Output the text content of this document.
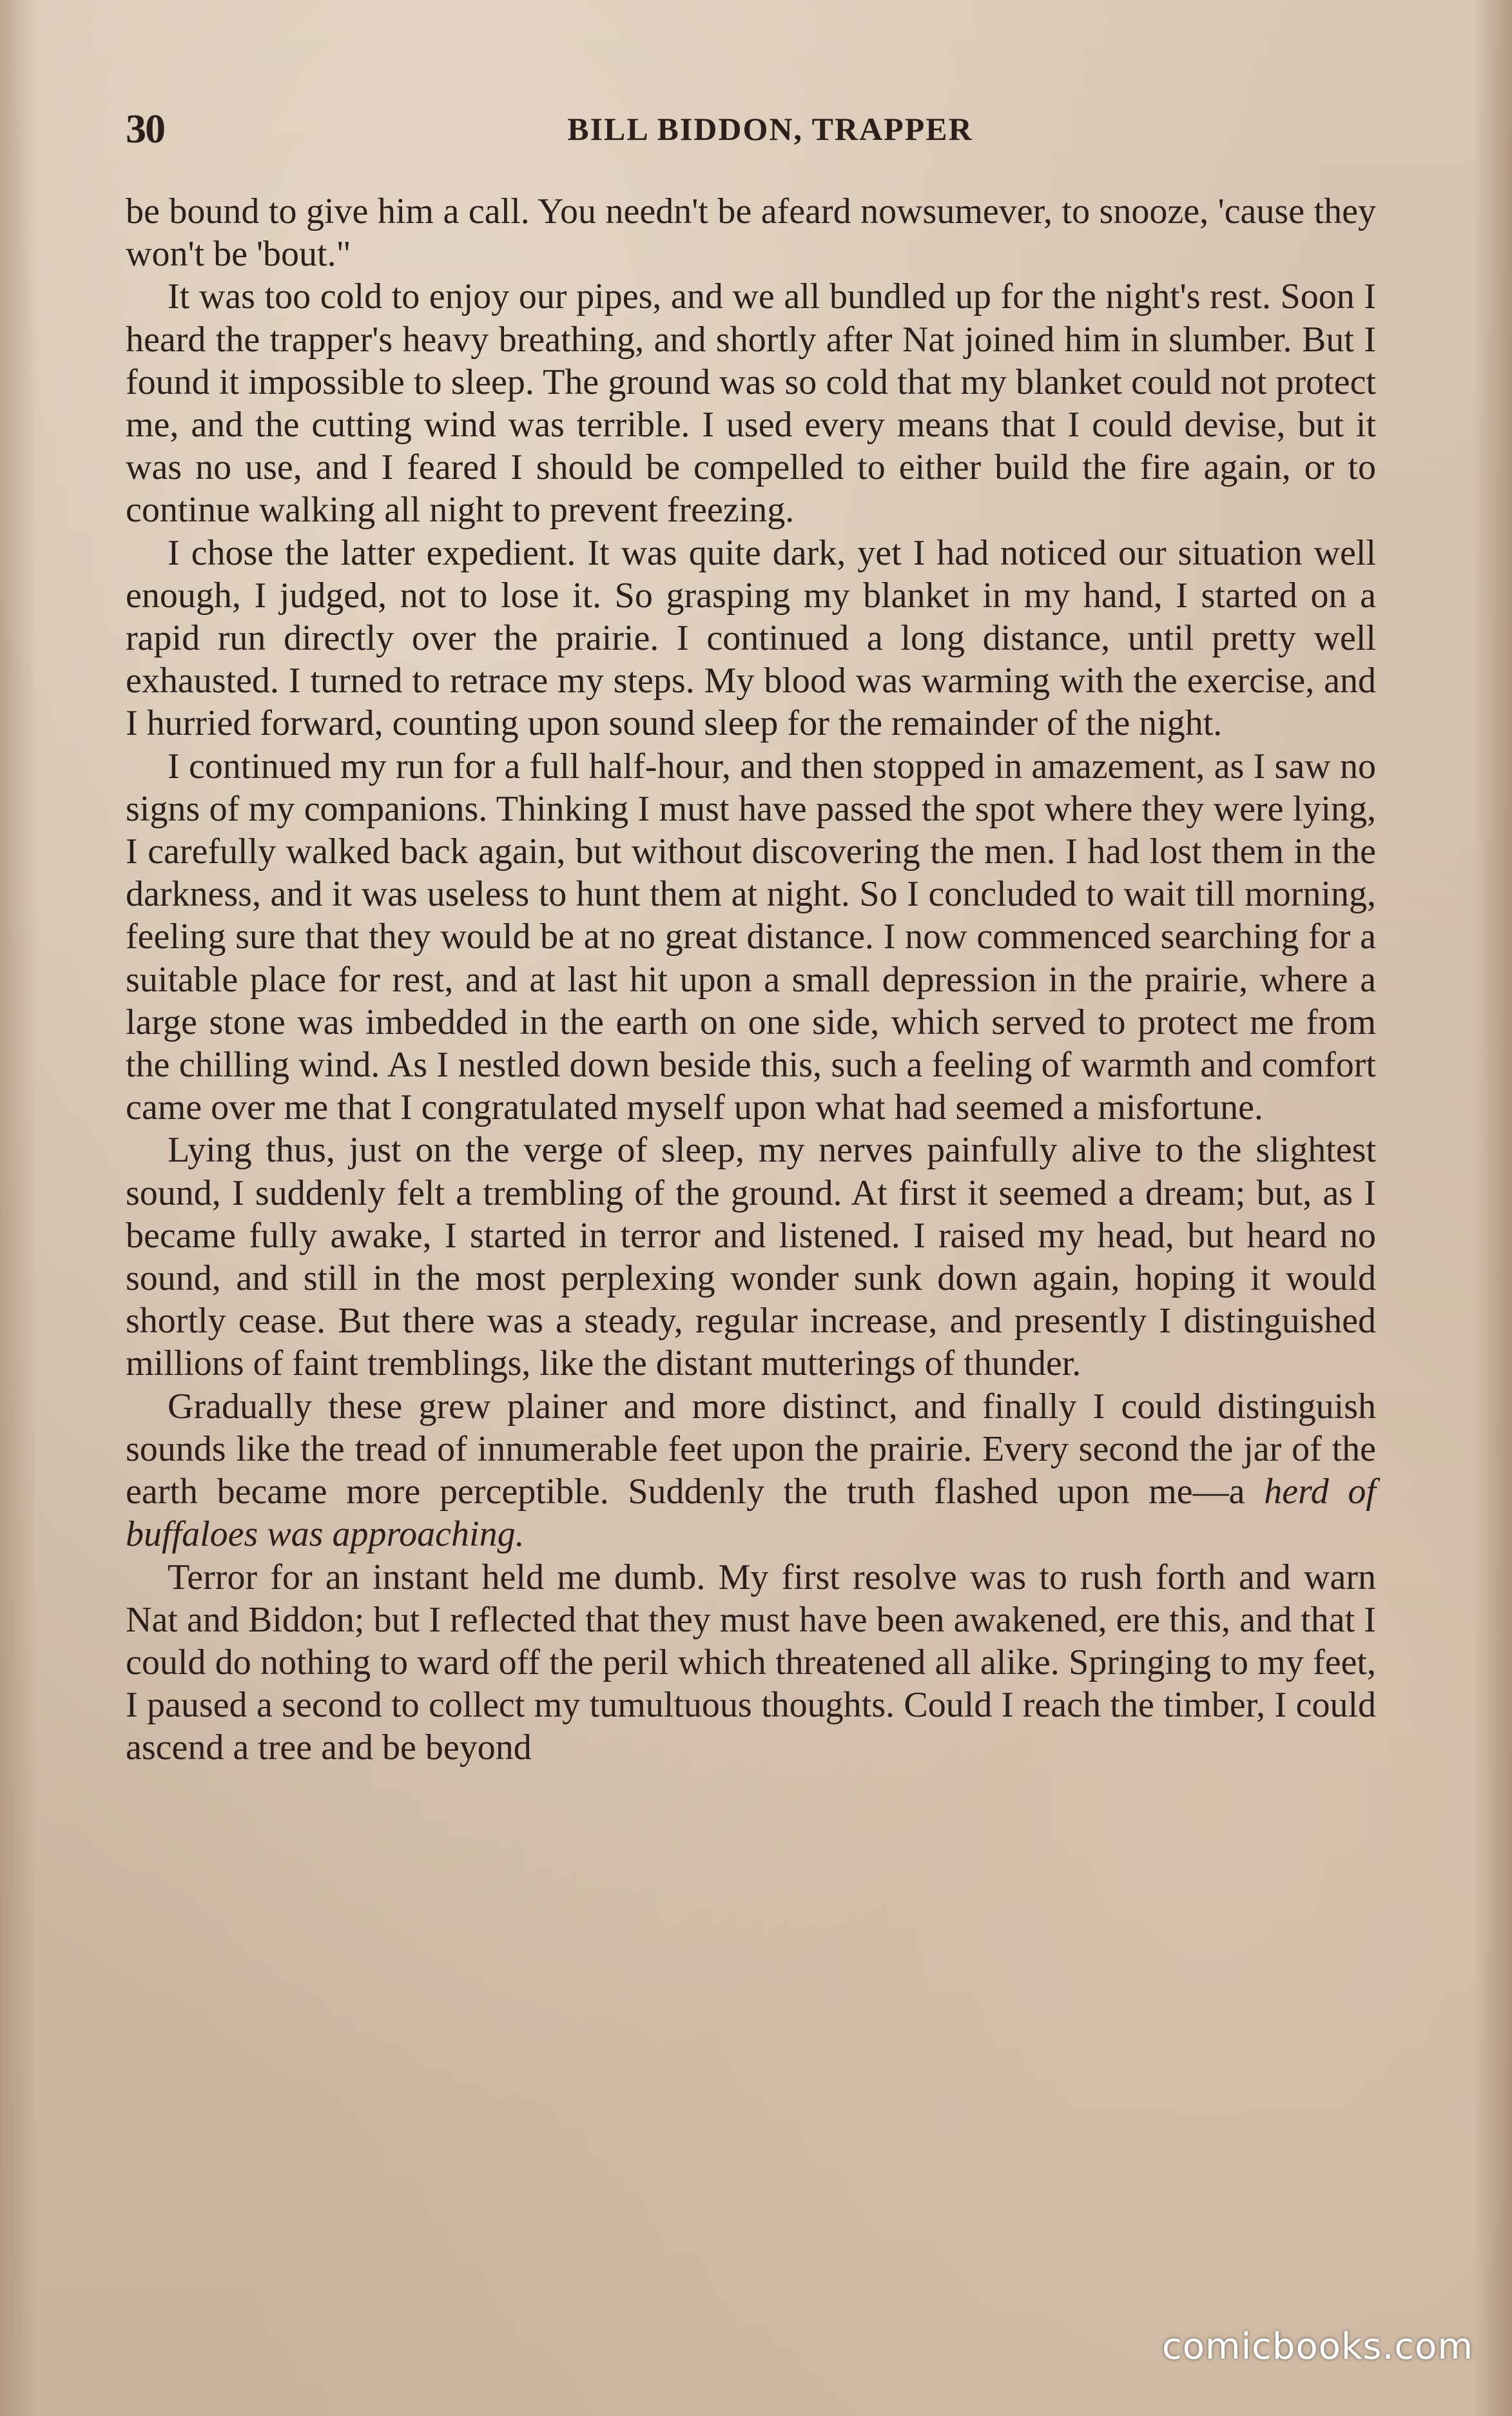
30	BILL BIDDON, TRAPPER

be bound to give him a call. You needn't be afeard nowsumever, to snooze, 'cause they won't be 'bout."

It was too cold to enjoy our pipes, and we all bundled up for the night's rest. Soon I heard the trapper's heavy breathing, and shortly after Nat joined him in slumber. But I found it impossible to sleep. The ground was so cold that my blanket could not protect me, and the cutting wind was terrible. I used every means that I could devise, but it was no use, and I feared I should be compelled to either build the fire again, or to continue walking all night to prevent freezing.

I chose the latter expedient. It was quite dark, yet I had noticed our situation well enough, I judged, not to lose it. So grasping my blanket in my hand, I started on a rapid run directly over the prairie. I continued a long distance, until pretty well exhausted. I turned to retrace my steps. My blood was warming with the exercise, and I hurried forward, counting upon sound sleep for the remainder of the night.

I continued my run for a full half-hour, and then stopped in amazement, as I saw no signs of my companions. Thinking I must have passed the spot where they were lying, I carefully walked back again, but without discovering the men. I had lost them in the darkness, and it was useless to hunt them at night. So I concluded to wait till morning, feeling sure that they would be at no great distance. I now commenced searching for a suitable place for rest, and at last hit upon a small depression in the prairie, where a large stone was imbedded in the earth on one side, which served to protect me from the chilling wind. As I nestled down beside this, such a feeling of warmth and comfort came over me that I congratulated myself upon what had seemed a misfortune.

Lying thus, just on the verge of sleep, my nerves painfully alive to the slightest sound, I suddenly felt a trembling of the ground. At first it seemed a dream; but, as I became fully awake, I started in terror and listened. I raised my head, but heard no sound, and still in the most perplexing wonder sunk down again, hoping it would shortly cease. But there was a steady, regular increase, and presently I distinguished millions of faint tremblings, like the distant mutterings of thunder.

Gradually these grew plainer and more distinct, and finally I could distinguish sounds like the tread of innumerable feet upon the prairie. Every second the jar of the earth became more perceptible. Suddenly the truth flashed upon me—a herd of buffaloes was approaching.

Terror for an instant held me dumb. My first resolve was to rush forth and warn Nat and Biddon; but I reflected that they must have been awakened, ere this, and that I could do nothing to ward off the peril which threatened all alike. Springing to my feet, I paused a second to collect my tumultuous thoughts. Could I reach the timber, I could ascend a tree and be beyond

comicbooks.com
